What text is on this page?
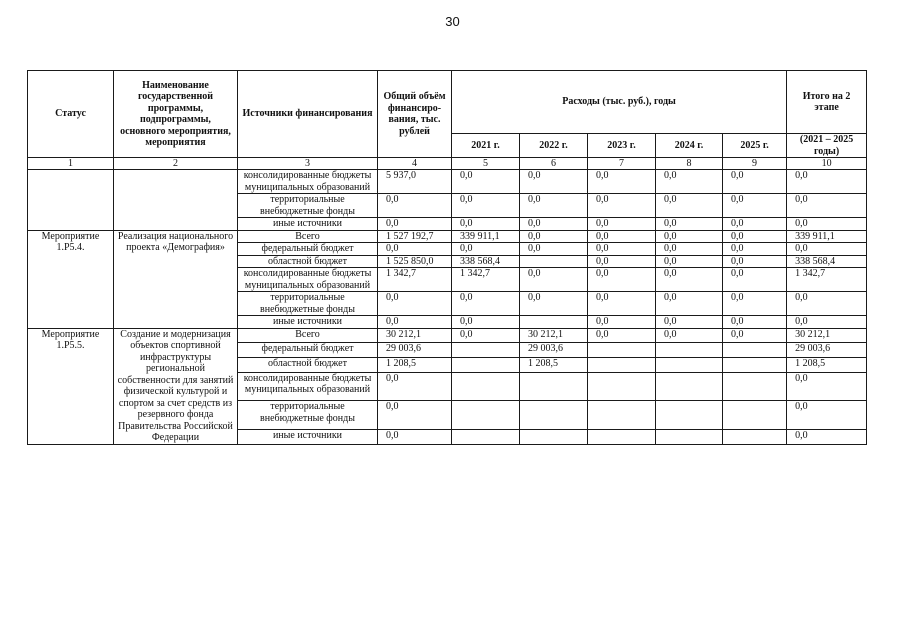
30
Статус	Наименование государственной программы, подпрограммы, основного мероприятия, мероприятия	Источники финансирования	Общий объём финансиро-вания, тыс. рублей	Расходы (тыс. руб.), годы					Итого на 2 этапе
				2021 г.	2022 г.	2023 г.	2024 г.	2025 г.	(2021 – 2025 годы)
1	2	3	4	5	6	7	8	9	10
		консолидированные бюджеты муниципальных образований	5 937,0	0,0	0,0	0,0	0,0	0,0	0,0
		территориальные внебюджетные фонды	0,0	0,0	0,0	0,0	0,0	0,0	0,0
		иные источники	0,0	0,0	0,0	0,0	0,0	0,0	0,0
Мероприятие 1.P5.4.	Реализация национального проекта «Демография»	Всего	1 527 192,7	339 911,1	0,0	0,0	0,0	0,0	339 911,1
		федеральный бюджет	0,0	0,0	0,0	0,0	0,0	0,0	0,0
		областной бюджет	1 525 850,0	338 568,4		0,0	0,0	0,0	338 568,4
		консолидированные бюджеты муниципальных образований	1 342,7	1 342,7	0,0	0,0	0,0	0,0	1 342,7
		территориальные внебюджетные фонды	0,0	0,0	0,0	0,0	0,0	0,0	0,0
		иные источники	0,0	0,0		0,0	0,0	0,0	0,0
Мероприятие 1.P5.5.	Создание и модернизация объектов спортивной инфраструктуры региональной собственности для занятий физической культурой и спортом за счет средств из резервного фонда Правительства Российской Федерации	Всего	30 212,1	0,0	30 212,1	0,0	0,0	0,0	30 212,1
		федеральный бюджет	29 003,6		29 003,6				29 003,6
		областной бюджет	1 208,5		1 208,5				1 208,5
		консолидированные бюджеты муниципальных образований	0,0						0,0
		территориальные внебюджетные фонды	0,0						0,0
		иные источники	0,0						0,0
